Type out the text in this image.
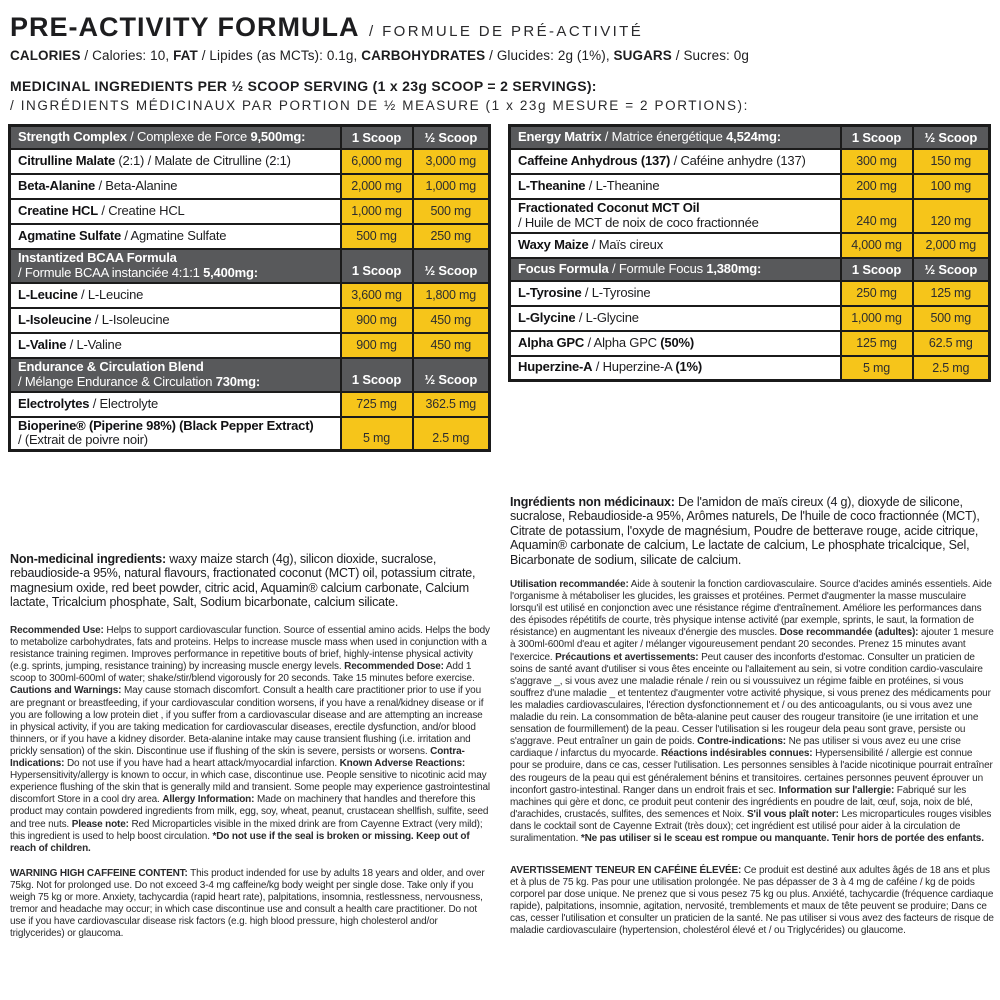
PRE-ACTIVITY FORMULA / FORMULE DE PRÉ-ACTIVITÉ
CALORIES / Calories: 10, FAT / Lipides (as MCTs): 0.1g, CARBOHYDRATES / Glucides: 2g (1%), SUGARS / Sucres: 0g
MEDICINAL INGREDIENTS PER ½ SCOOP SERVING (1 x 23g SCOOP = 2 SERVINGS):
/ INGRÉDIENTS MÉDICINAUX PAR PORTION DE ½ MEASURE (1 x 23g MESURE = 2 PORTIONS):
Strength Complex / Complexe de Force 9,500mg:	1 Scoop	½ Scoop
Citrulline Malate (2:1) / Malate de Citrulline (2:1)	6,000 mg	3,000 mg
Beta-Alanine / Beta-Alanine	2,000 mg	1,000 mg
Creatine HCL / Creatine HCL	1,000 mg	500 mg
Agmatine Sulfate / Agmatine Sulfate	500 mg	250 mg
Instantized BCAA Formula
/ Formule BCAA instanciée 4:1:1 5,400mg:	1 Scoop	½ Scoop
L-Leucine / L-Leucine	3,600 mg	1,800 mg
L-Isoleucine / L-Isoleucine	900 mg	450 mg
L-Valine / L-Valine	900 mg	450 mg
Endurance & Circulation Blend
/ Mélange Endurance & Circulation 730mg:	1 Scoop	½ Scoop
Electrolytes / Electrolyte	725 mg	362.5 mg
Bioperine® (Piperine 98%) (Black Pepper Extract)
/ (Extrait de poivre noir)	5 mg	2.5 mg

Non-medicinal ingredients: waxy maize starch (4g), silicon dioxide, sucralose, rebaudioside-a 95%, natural flavours, fractionated coconut (MCT) oil, potassium citrate, magnesium oxide, red beet powder, citric acid, Aquamin® calcium carbonate, Calcium lactate, Tricalcium phosphate, Salt, Sodium bicarbonate, calcium silicate.

Recommended Use: Helps to support cardiovascular function. Source of essential amino acids. Helps the body to metabolize carbohydrates, fats and proteins. Helps to increase muscle mass when used in conjunction with a resistance training regimen. Improves performance in repetitive bouts of brief, highly-intense physical activity (e.g. sprints, jumping, resistance training) by increasing muscle energy levels. Recommended Dose: Add 1 scoop to 300ml-600ml of water; shake/stir/blend vigorously for 20 seconds. Take 15 minutes before exercise. Cautions and Warnings: May cause stomach discomfort. Consult a health care practitioner prior to use if you are pregnant or breastfeeding, if your cardiovascular condition worsens, if you have a renal/kidney disease or if you are following a low protein diet , if you suffer from a cardiovascular disease and are attempting an increase in physical activity, if you are taking medication for cardiovascular diseases, erectile dysfunction, and/or blood thinners, or if you have a kidney disorder. Beta-alanine intake may cause transient flushing (i.e. irritation and prickly sensation) of the skin. Discontinue use if flushing of the skin is severe, persists or worsens. Contra-Indications: Do not use if you have had a heart attack/myocardial infarction. Known Adverse Reactions: Hypersensitivity/allergy is known to occur, in which case, discontinue use. People sensitive to nicotinic acid may experience flushing of the skin that is generally mild and transient. Some people may experience gastrointestinal discomfort Store in a cool dry area. Allergy Information: Made on machinery that handles and therefore this product may contain powdered ingredients from milk, egg, soy, wheat, peanut, crustacean shellfish, sulfite, seed and tree nuts. Please note: Red Microparticles visible in the mixed drink are from Cayenne Extract (very mild); this ingredient is used to help boost circulation. *Do not use if the seal is broken or missing. Keep out of reach of children.

WARNING HIGH CAFFEINE CONTENT: This product indended for use by adults 18 years and older, and over 75kg. Not for prolonged use. Do not exceed 3-4 mg caffeine/kg body weight per single dose. Take only if you weigh 75 kg or more. Anxiety, tachycardia (rapid heart rate), palpitations, insomnia, restlessness, nervousness, tremor and headache may occur; in which case discontinue use and consult a health care practitioner. Do not use if you have cardiovascular disease risk factors (e.g. high blood pressure, high cholesterol and/or triglycerides) or glaucoma.

Energy Matrix / Matrice énergétique 4,524mg:	1 Scoop	½ Scoop
Caffeine Anhydrous (137) / Caféine anhydre (137)	300 mg	150 mg
L-Theanine / L-Theanine	200 mg	100 mg
Fractionated Coconut MCT Oil
/ Huile de MCT de noix de coco fractionnée	240 mg	120 mg
Waxy Maize / Maïs cireux	4,000 mg	2,000 mg
Focus Formula / Formule Focus 1,380mg:	1 Scoop	½ Scoop
L-Tyrosine / L-Tyrosine	250 mg	125 mg
L-Glycine / L-Glycine	1,000 mg	500 mg
Alpha GPC / Alpha GPC (50%)	125 mg	62.5 mg
Huperzine-A / Huperzine-A (1%)	5 mg	2.5 mg

Ingrédients non médicinaux: De l'amidon de maïs cireux (4 g), dioxyde de silicone, sucralose, Rebaudioside-a 95%, Arômes naturels, De l'huile de coco fractionnée (MCT), Citrate de potassium, l'oxyde de magnésium, Poudre de betterave rouge, acide citrique, Aquamin® carbonate de calcium, Le lactate de calcium, Le phosphate tricalcique, Sel, Bicarbonate de sodium, silicate de calcium.

Utilisation recommandée: Aide à soutenir la fonction cardiovasculaire. Source d'acides aminés essentiels. Aide l'organisme à métaboliser les glucides, les graisses et protéines. Permet d'augmenter la masse musculaire lorsqu'il est utilisé en conjonction avec une résistance régime d'entraînement. Améliore les performances dans des épisodes répétitifs de courte, très physique intense activité (par exemple, sprints, le saut, la formation de résistance) en augmentant les niveaux d'énergie des muscles. Dose recommandée (adultes): ajouter 1 mesure à 300ml-600ml d'eau et agiter / mélanger vigoureusement pendant 20 secondes. Prenez 15 minutes avant l'exercice. Précautions et avertissements: Peut causer des inconforts d'estomac. Consulter un praticien de soins de santé avant d'utiliser si vous êtes enceinte ou l'allaitement au sein, si votre condition cardio-vasculaire s'aggrave _, si vous avez une maladie rénale / rein ou si voussuivez un régime faible en protéines, si vous souffrez d'une maladie _ et tententez d'augmenter votre activité physique, si vous prenez des médicaments pour les maladies cardiovasculaires, l'érection dysfonctionnement et / ou des anticoagulants, ou si vous avez une maladie du rein. La consommation de bêta-alanine peut causer des rougeur transitoire (ie une irritation et une sensation de fourmillement) de la peau. Cesser l'utilisation si les rougeur dela peau sont grave, persiste ou s'aggrave. Peut entraîner un gain de poids. Contre-indications: Ne pas utiliser si vous avez eu une crise cardiaque / infarctus du myocarde. Réactions indésirables connues: Hypersensibilité / allergie est connue pour se produire, dans ce cas, cesser l'utilisation. Les personnes sensibles à l'acide nicotinique pourrait entraîner des rougeurs de la peau qui est généralement bénins et transitoires. certaines personnes peuvent éprouver un inconfort gastro-intestinal. Ranger dans un endroit frais et sec. Information sur l'allergie: Fabriqué sur les machines qui gère et donc, ce produit peut contenir des ingrédients en poudre de lait, œuf, soja, noix de blé, d'arachides, crustacés, sulfites, des semences et Noix. S'il vous plaît noter: Les microparticules rouges visibles dans le cocktail sont de Cayenne Extrait (très doux); cet ingrédient est utilisé pour aider à la circulation de suralimentation. *Ne pas utiliser si le sceau est rompue ou manquante. Tenir hors de portée des enfants.

AVERTISSEMENT TENEUR EN CAFÉINE ÉLEVÉE: Ce produit est destiné aux adultes âgés de 18 ans et plus et à plus de 75 kg. Pas pour une utilisation prolongée. Ne pas dépasser de 3 à 4 mg de caféine / kg de poids corporel par dose unique. Ne prenez que si vous pesez 75 kg ou plus. Anxiété, tachycardie (fréquence cardiaque rapide), palpitations, insomnie, agitation, nervosité, tremblements et maux de tête peuvent se produire; Dans ce cas, cesser l'utilisation et consulter un praticien de la santé. Ne pas utiliser si vous avez des facteurs de risque de maladie cardiovasculaire (hypertension, cholestérol élevé et / ou Triglycérides) ou glaucome.
